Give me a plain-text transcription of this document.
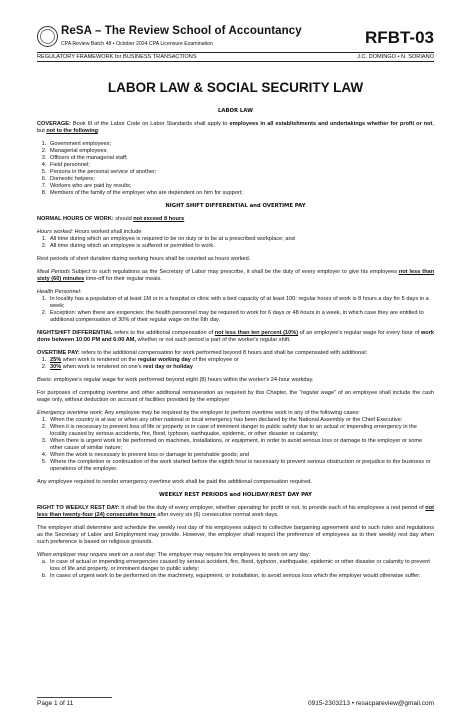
ReSA – The Review School of Accountancy
CPA Review Batch 48 • October 2024 CPA Licensure Examination	RFBT-03
REGULATORY FRAMEWORK for BUSINESS TRANSACTIONS	J.C. DOMINGO • N. SORIANO
LABOR LAW & SOCIAL SECURITY LAW
LABOR LAW

COVERAGE: Book III of the Labor Code on Labor Standards shall apply to employees in all establishments and undertakings whether for profit or not, but not to the following:

1. Government employees;
2. Managerial employees;
3. Officers of the managerial staff;
4. Field personnel;
5. Persons in the personal service of another;
6. Domestic helpers;
7. Workers who are paid by results;
8. Members of the family of the employer who are dependent on him for support;
NIGHT SHIFT DIFFERENTIAL and OVERTIME PAY

NORMAL HOURS OF WORK: should not exceed 8 hours

Hours worked: Hours worked shall include
1. All time during which an employee is required to be on duty or to be at a prescribed workplace; and
2. All time during which an employee is suffered or permitted to work.

Rest periods of short duration during working hours shall be counted as hours worked.

Meal Periods Subject to such regulations as the Secretary of Labor may prescribe, it shall be the duty of every employer to give his employees not less than sixty (60) minutes time-off for their regular meals.

Health Personnel:
1. In locality has a population of at least 1M or in a hospital or clinic with a bed capacity of at least 100: regular hours of work is 8 hours a day for 5 days in a week;
2. Exception: when there are exigencies: the health personnel may be required to work for 6 days or 48 hours in a week, in which case they are entitled to additional compensation of 30% of their regular wage on the 6th day.

NIGHTSHIFT DIFFERENTIAL refers to the additional compensation of not less than ten percent (10%) of an employee's regular wage for every hour of work done between 10:00 PM and 6:00 AM, whether or not such period is part of the worker's regular shift.

OVERTIME PAY: refers to the additional compensation for work performed beyond 8 hours and shall be compensated with additional:
1. 25% when work is rendered on the regular working day of the employee or
2. 30% when work is rendered on one's rest day or holiday

Basis: employee's regular wage for work performed beyond eight (8) hours within the worker's 24-hour workday.

For purposes of computing overtime and other additional remuneration as required by this Chapter, the "regular wage" of an employee shall include the cash wage only, without deduction on account of facilities provided by the employer

Emergency overtime work: Any employee may be required by the employer to perform overtime work in any of the following cases:
1. When the country is at war or when any other national or local emergency has been declared by the National Assembly or the Chief Executive;
2. When it is necessary to prevent loss of life or property or in case of imminent danger to public safety due to an actual or impending emergency in the locality caused by serious accidents, fire, flood, typhoon, earthquake, epidemic, or other disaster or calamity;
3. When there is urgent work to be performed on machines, installations, or equipment, in order to avoid serious loss or damage to the employer or some other cause of similar nature;
4. When the work is necessary to prevent loss or damage to perishable goods; and
5. Where the completion or continuation of the work started before the eighth hour is necessary to prevent serious obstruction or prejudice to the business or operations of the employer.

Any employee required to render emergency overtime work shall be paid the additional compensation required.

WEEKLY REST PERIODS and HOLIDAY/REST DAY PAY

RIGHT TO WEEKLY REST DAY: It shall be the duty of every employer, whether operating for profit or not, to provide each of his employees a rest period of not less than twenty-four (24) consecutive hours after every six (6) consecutive normal work days.

The employer shall determine and schedule the weekly rest day of his employees subject to collective bargaining agreement and to such rules and regulations as the Secretary of Labor and Employment may provide. However, the employer shall respect the preference of employees as to their weekly rest day when such preference is based on religious grounds.

When employer may require work on a rest day: The employer may require his employees to work on any day:
a. In case of actual or impending emergencies caused by serious accident, fire, flood, typhoon, earthquake, epidemic or other disaster or calamity to prevent loss of life and property, or imminent danger to public safety;
b. In cases of urgent work to be performed on the machinery, equipment, or installation, to avoid serious loss which the employer would otherwise suffer;
Page 1 of 11	0915-2303213 • resacpareview@gmail.com
